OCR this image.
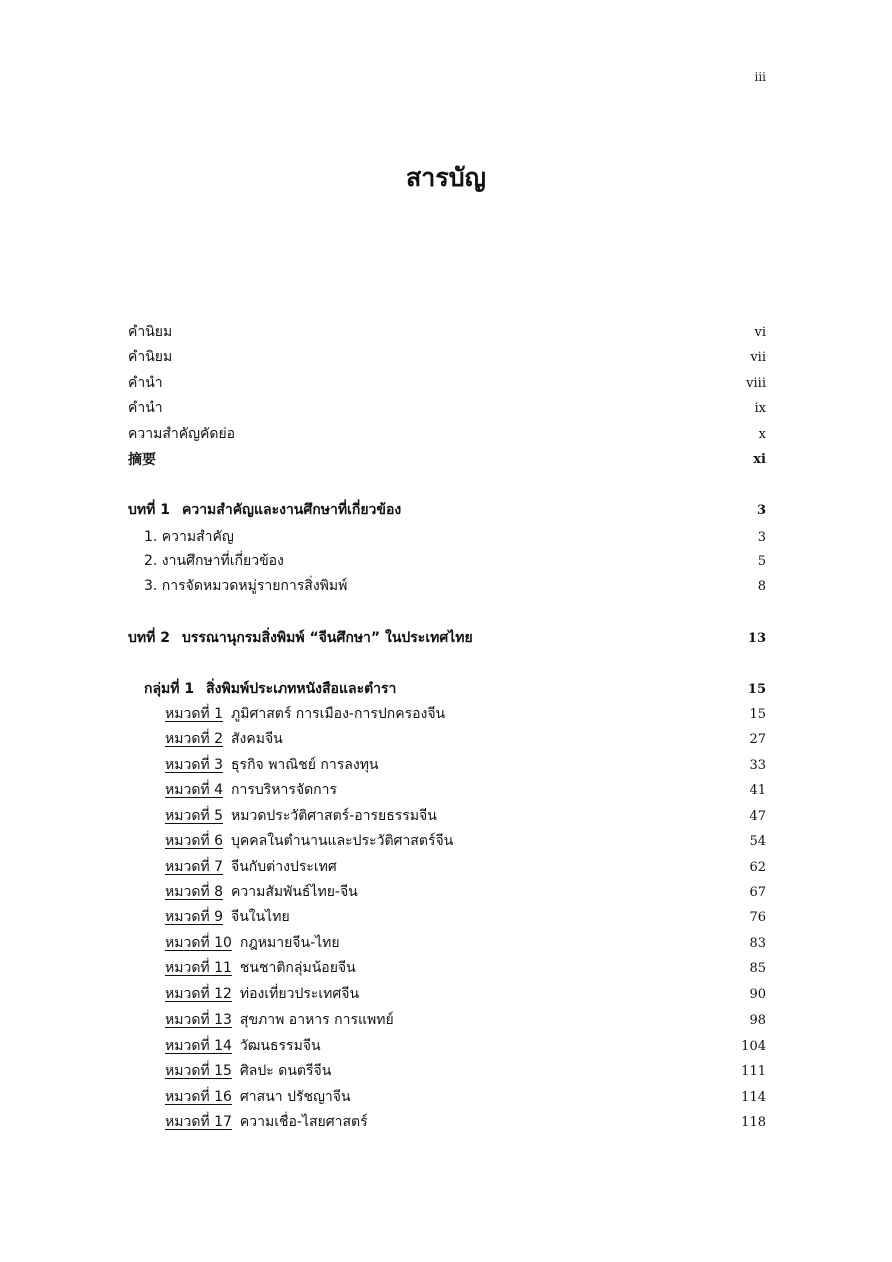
iii
สารบัญ
คำนิยม	vi
คำนิยม	vii
คำนำ	viii
คำนำ	ix
ความสำคัญคัดย่อ	x
摘要	xi
บทที่ 1 ความสำคัญและงานศึกษาที่เกี่ยวข้อง	3
1. ความสำคัญ	3
2. งานศึกษาที่เกี่ยวข้อง	5
3. การจัดหมวดหมู่รายการสิ่งพิมพ์	8
บทที่ 2 บรรณานุกรมสิ่งพิมพ์ “จีนศึกษา” ในประเทศไทย	13
กลุ่มที่ 1 สิ่งพิมพ์ประเภทหนังสือและตำรา	15
หมวดที่ 1 ภูมิศาสตร์ การเมือง-การปกครองจีน	15
หมวดที่ 2 สังคมจีน	27
หมวดที่ 3 ธุรกิจ พาณิชย์ การลงทุน	33
หมวดที่ 4 การบริหารจัดการ	41
หมวดที่ 5 หมวดประวัติศาสตร์-อารยธรรมจีน	47
หมวดที่ 6 บุคคลในตำนานและประวัติศาสตร์จีน	54
หมวดที่ 7 จีนกับต่างประเทศ	62
หมวดที่ 8 ความสัมพันธ์ไทย-จีน	67
หมวดที่ 9 จีนในไทย	76
หมวดที่ 10 กฎหมายจีน-ไทย	83
หมวดที่ 11 ชนชาติกลุ่มน้อยจีน	85
หมวดที่ 12 ท่องเที่ยวประเทศจีน	90
หมวดที่ 13 สุขภาพ อาหาร การแพทย์	98
หมวดที่ 14 วัฒนธรรมจีน	104
หมวดที่ 15 ศิลปะ ดนตรีจีน	111
หมวดที่ 16 ศาสนา ปรัชญาจีน	114
หมวดที่ 17 ความเชื่อ-ไสยศาสตร์	118
